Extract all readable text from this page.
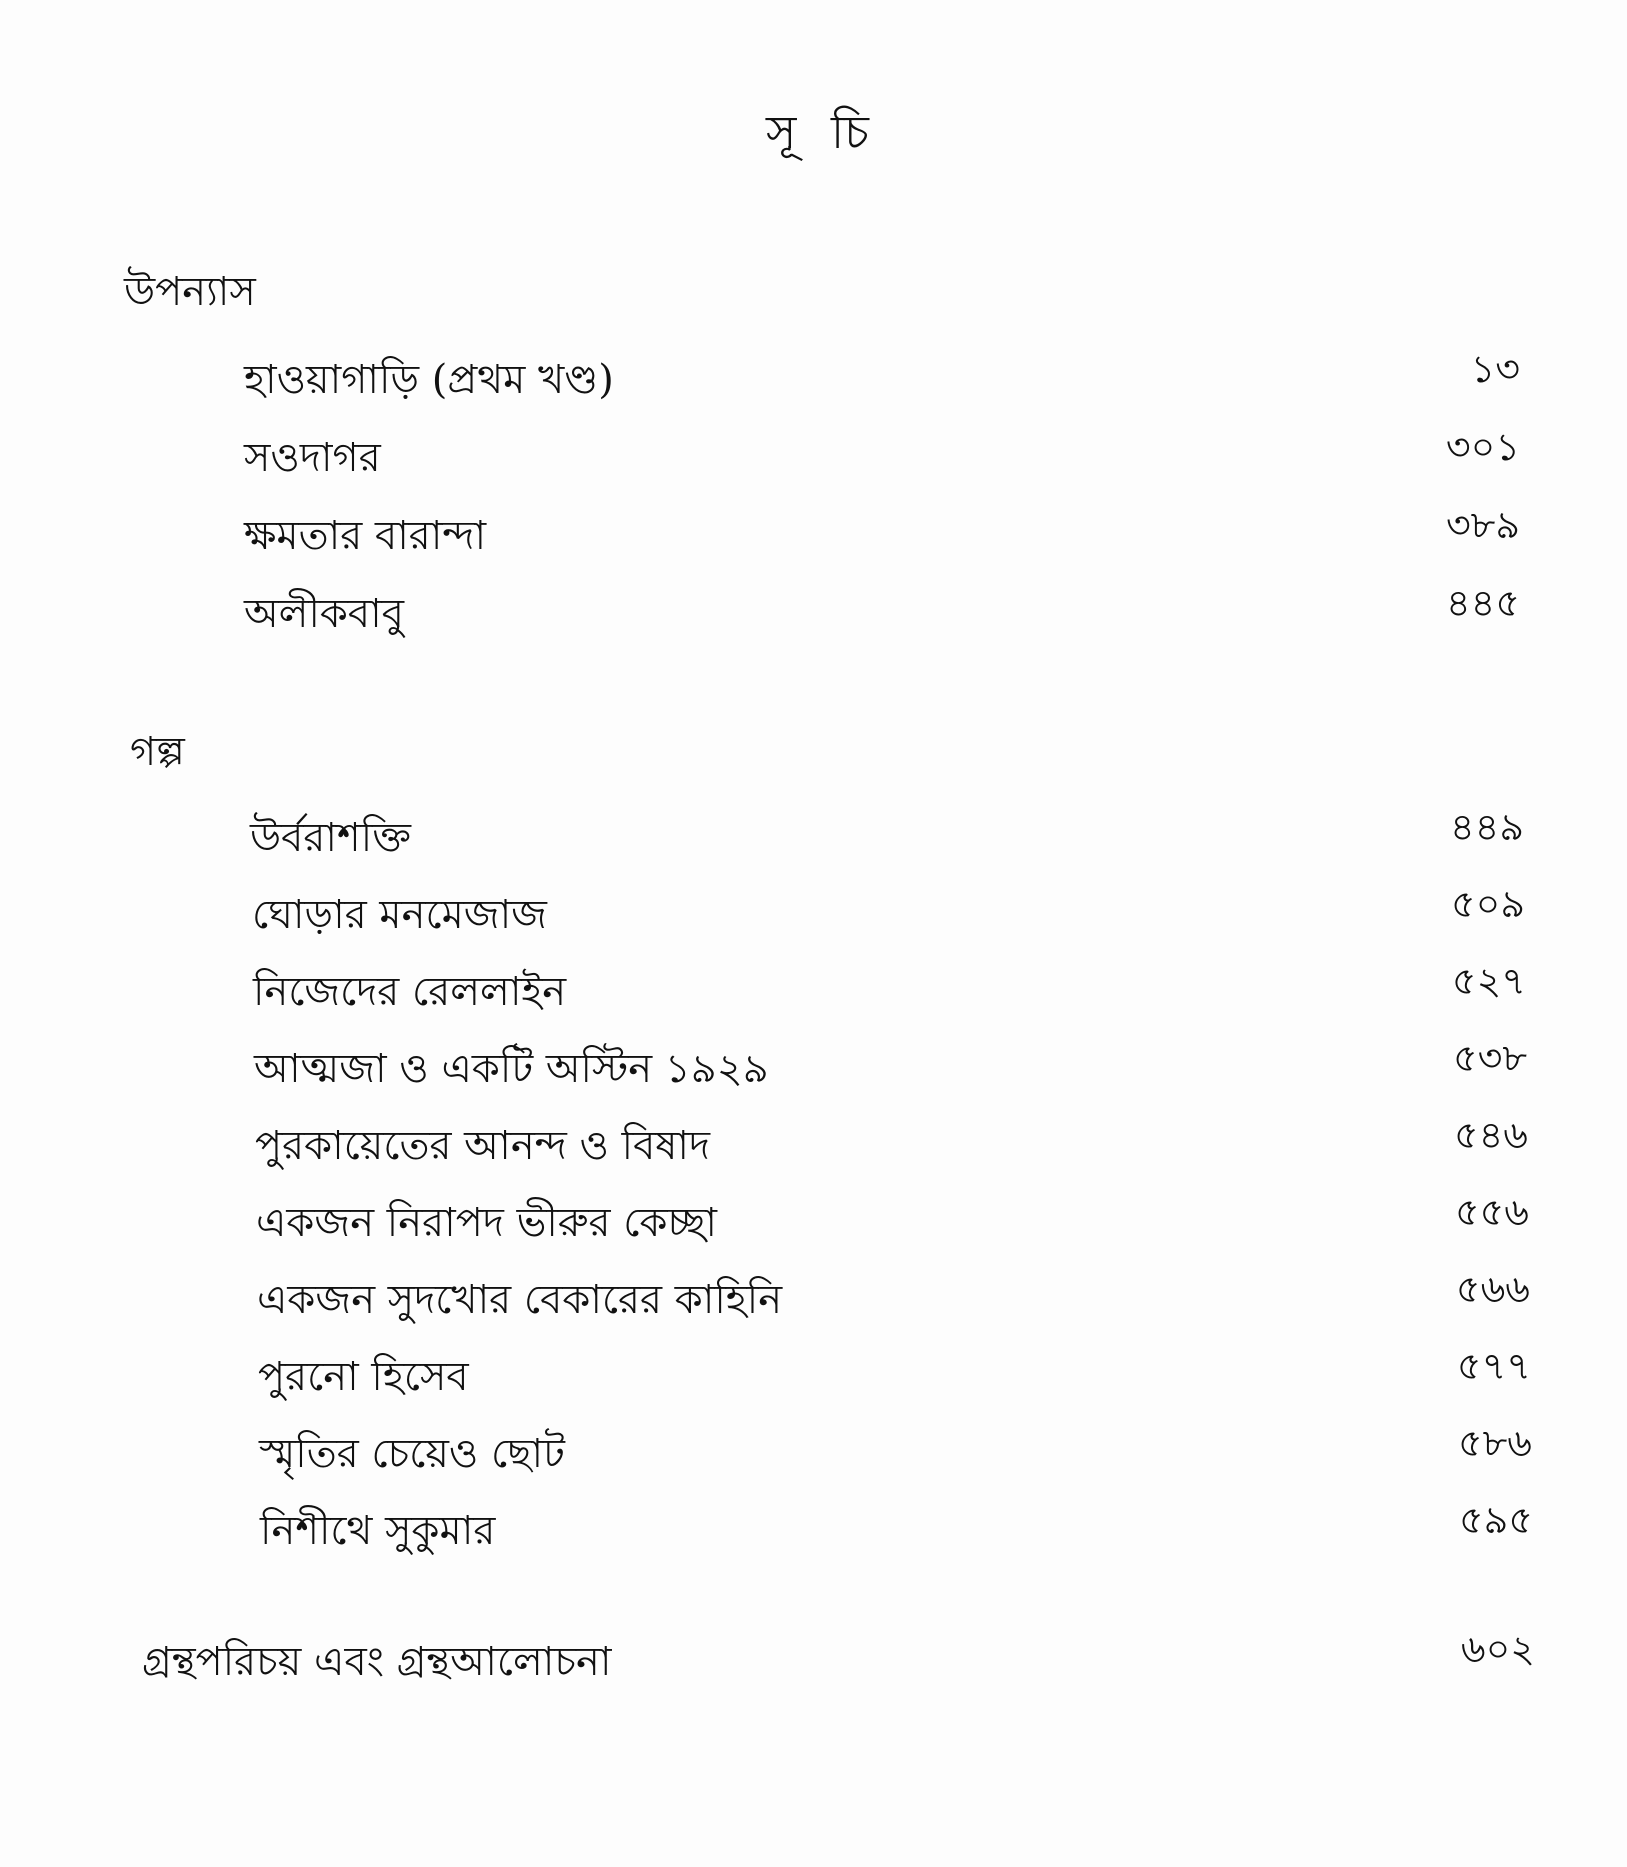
সূ চি
উপন্যাস
হাওয়াগাড়ি (প্রথম খণ্ড)	১৩
সওদাগর	৩০১
ক্ষমতার বারান্দা	৩৮৯
অলীকবাবু	৪৪৫
গল্প
উর্বরাশক্তি	৪৪৯
ঘোড়ার মনমেজাজ	৫০৯
নিজেদের রেললাইন	৫২৭
আত্মজা ও একটি অস্টিন ১৯২৯	৫৩৮
পুরকায়েতের আনন্দ ও বিষাদ	৫৪৬
একজন নিরাপদ ভীরুর কেচ্ছা	৫৫৬
একজন সুদখোর বেকারের কাহিনি	৫৬৬
পুরনো হিসেব	৫৭৭
স্মৃতির চেয়েও ছোট	৫৮৬
নিশীথে সুকুমার	৫৯৫
গ্রন্থপরিচয় এবং গ্রন্থআলোচনা	৬০২
